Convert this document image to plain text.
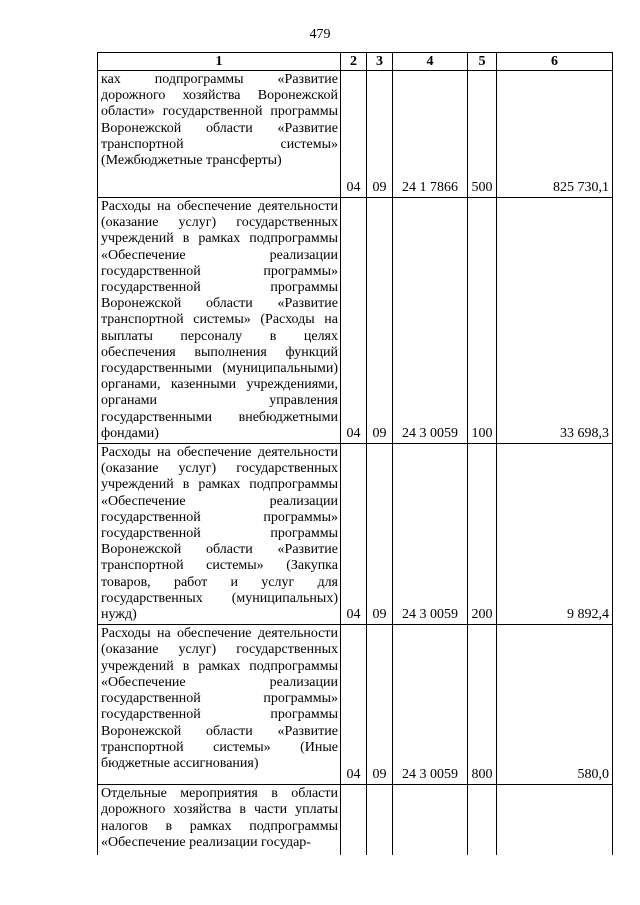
479
1	2	3	4	5	6
ках подпрограммы «Развитие дорожного хозяйства Воронежской области» государственной программы Воронежской области «Развитие транспортной системы» (Межбюджетные трансферты)	04	09	24 1 7866	500	825 730,1
Расходы на обеспечение деятельности (оказание услуг) государственных учреждений в рамках подпрограммы «Обеспечение реализации государственной программы» государственной программы Воронежской области «Развитие транспортной системы» (Расходы на выплаты персоналу в целях обеспечения выполнения функций государственными (муниципальными) органами, казенными учреждениями, органами управления государственными внебюджетными фондами)	04	09	24 3 0059	100	33 698,3
Расходы на обеспечение деятельности (оказание услуг) государственных учреждений в рамках подпрограммы «Обеспечение реализации государственной программы» государственной программы Воронежской области «Развитие транспортной системы» (Закупка товаров, работ и услуг для государственных (муниципальных) нужд)	04	09	24 3 0059	200	9 892,4
Расходы на обеспечение деятельности (оказание услуг) государственных учреждений в рамках подпрограммы «Обеспечение реализации государственной программы» государственной программы Воронежской области «Развитие транспортной системы» (Иные бюджетные ассигнования)	04	09	24 3 0059	800	580,0
Отдельные мероприятия в области дорожного хозяйства в части уплаты налогов в рамках подпрограммы «Обеспечение реализации государ-					
